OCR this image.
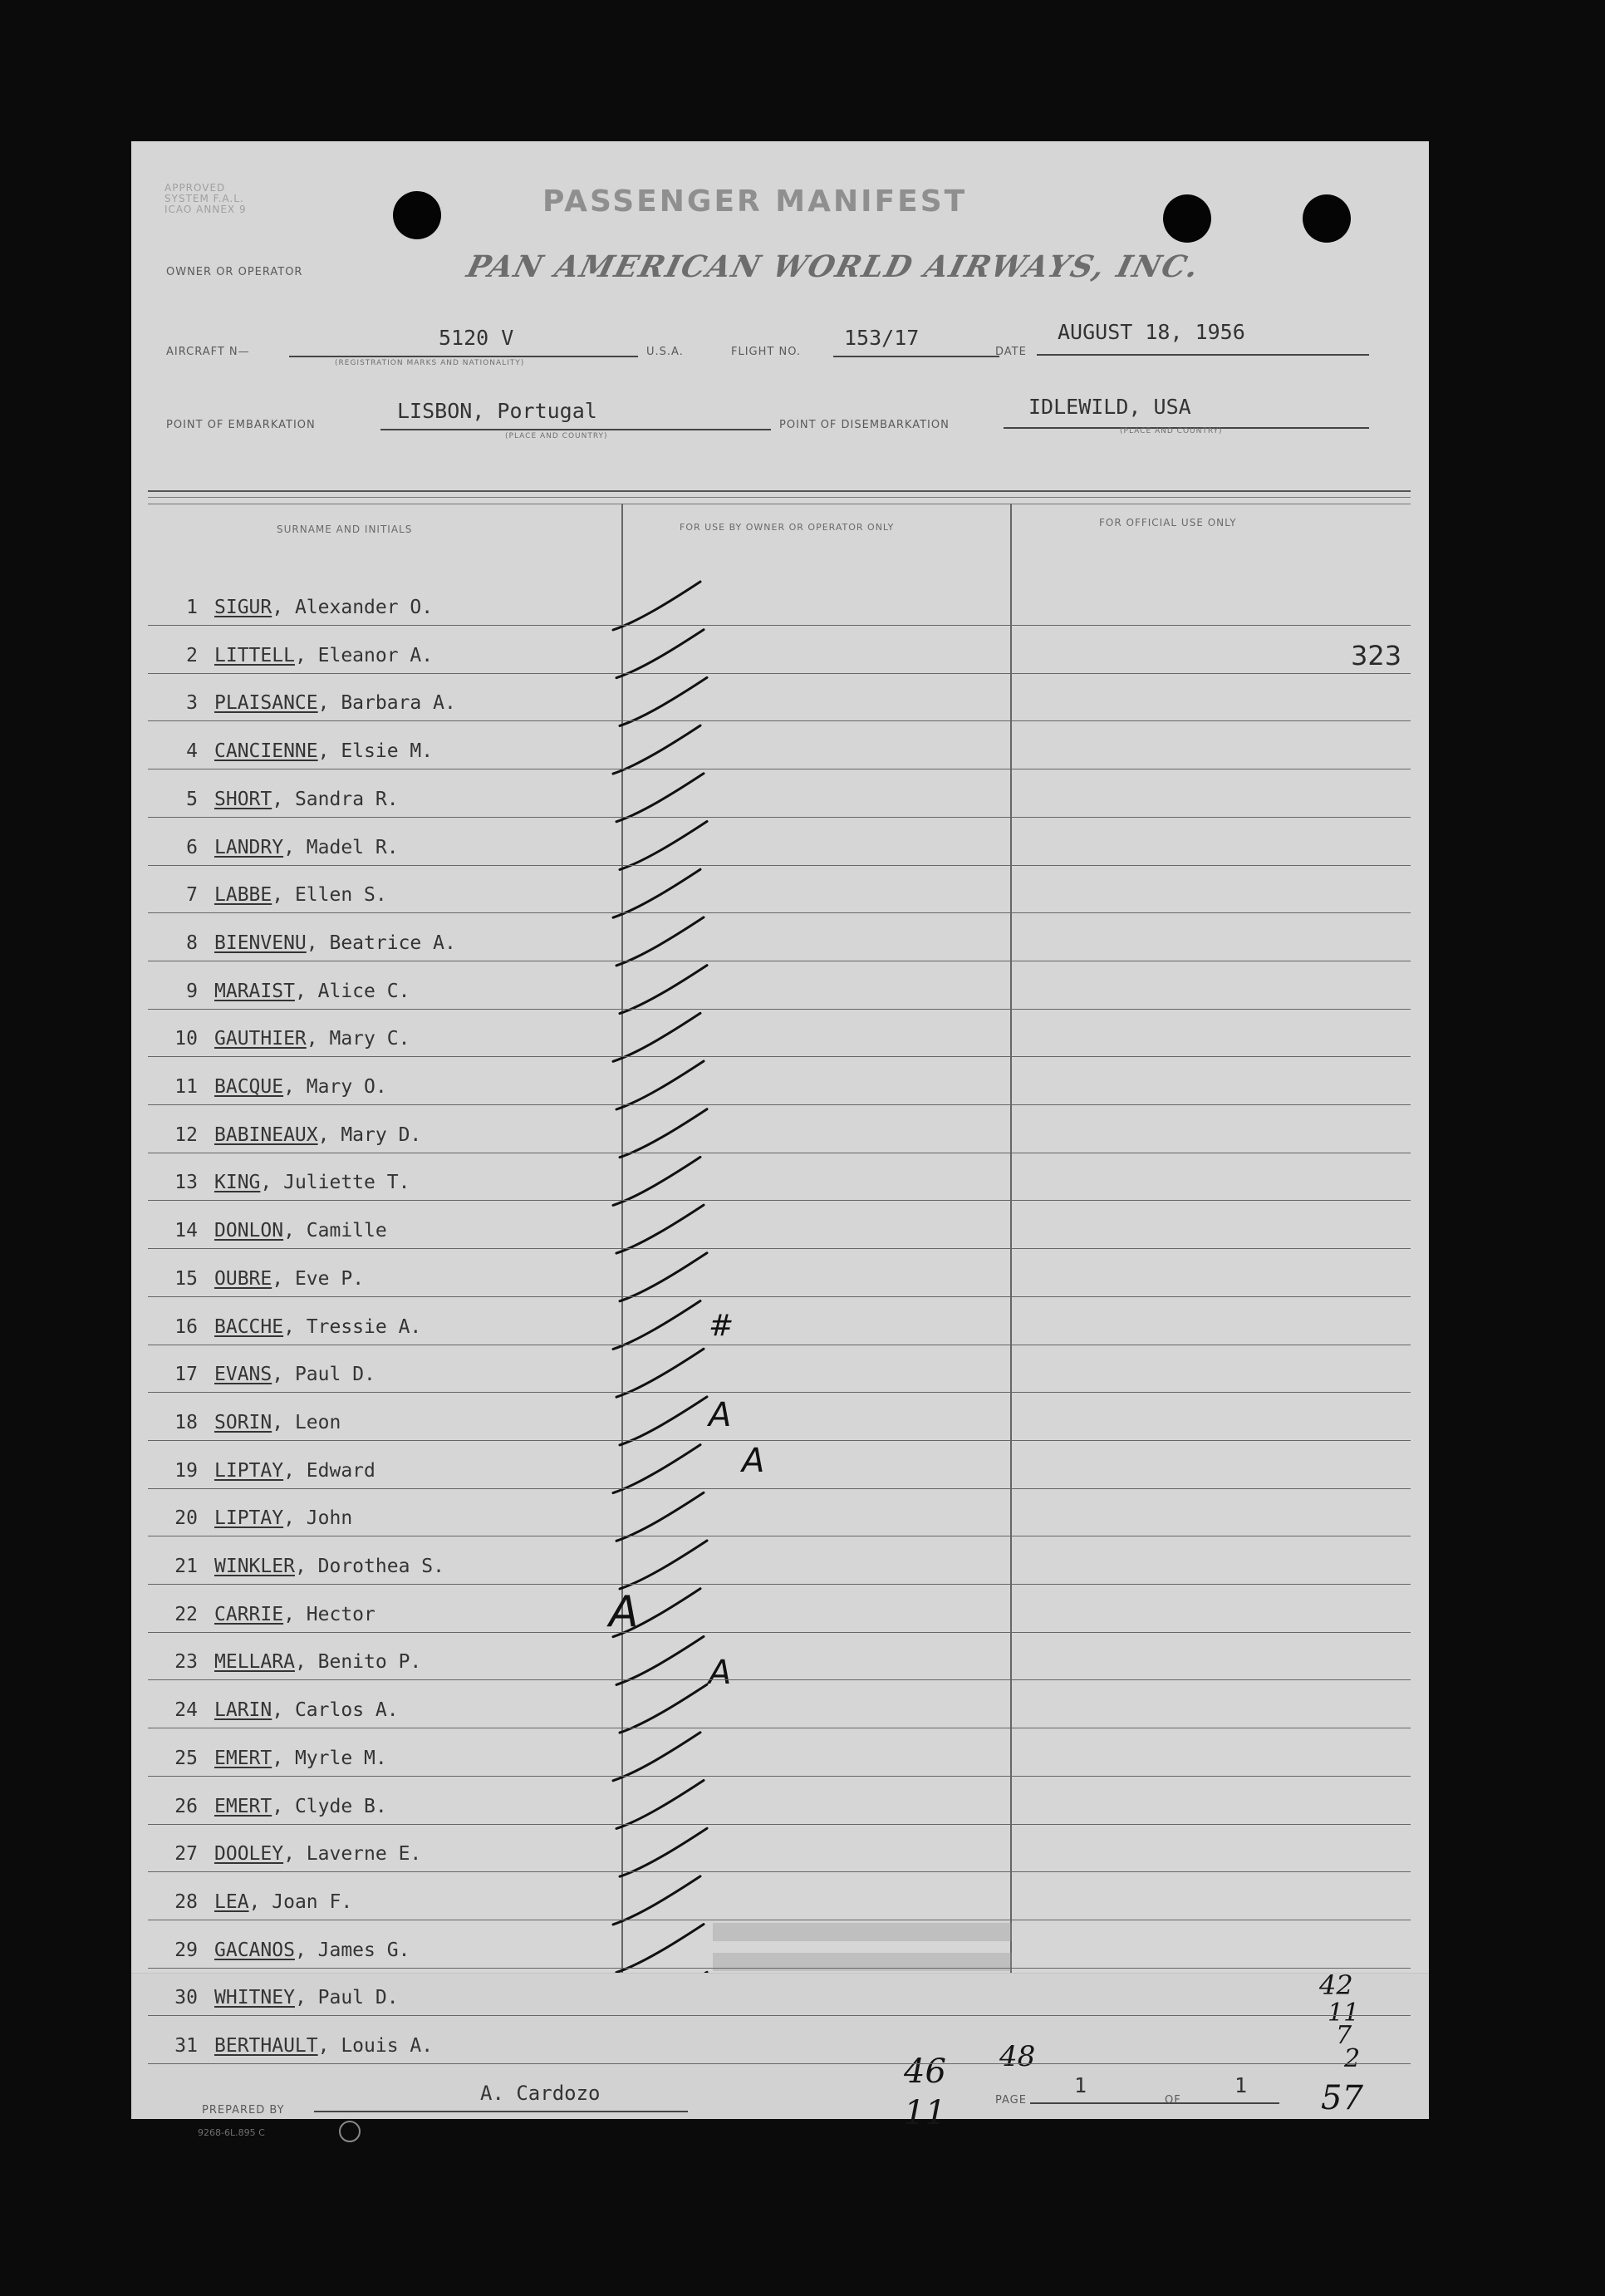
APPROVED
SYSTEM F.A.L.
ICAO ANNEX 9	PASSENGER MANIFEST
OWNER OR OPERATOR	PAN AMERICAN WORLD AIRWAYS, INC.
AIRCRAFT N—
5120 V
(REGISTRATION MARKS AND NATIONALITY)
U.S.A.	FLIGHT NO.
153/17
DATE
AUGUST 18, 1956
POINT OF EMBARKATION
LISBON, Portugal
(PLACE AND COUNTRY)
POINT OF DISEMBARKATION
IDLEWILD, USA
(PLACE AND COUNTRY)
SURNAME AND INITIALS	FOR USE BY OWNER OR OPERATOR ONLY	FOR OFFICIAL USE ONLY
323
#
A
A
A
A
PREPARED BY
A. Cardozo
9268-6L.895 C
46
11
48
PAGE
1
OF
1
42
11
7
2
57
1 SIGUR, Alexander O.
2 LITTELL, Eleanor A.
3 PLAISANCE, Barbara A.
4 CANCIENNE, Elsie M.
5 SHORT, Sandra R.
6 LANDRY, Madel R.
7 LABBE, Ellen S.
8 BIENVENU, Beatrice A.
9 MARAIST, Alice C.
10 GAUTHIER, Mary C.
11 BACQUE, Mary O.
12 BABINEAUX, Mary D.
13 KING, Juliette T.
14 DONLON, Camille
15 OUBRE, Eve P.
16 BACCHE, Tressie A.
17 EVANS, Paul D.
18 SORIN, Leon
19 LIPTAY, Edward
20 LIPTAY, John
21 WINKLER, Dorothea S.
22 CARRIE, Hector
23 MELLARA, Benito P.
24 LARIN, Carlos A.
25 EMERT, Myrle M.
26 EMERT, Clyde B.
27 DOOLEY, Laverne E.
28 LEA, Joan F.
29 GACANOS, James G.
30 WHITNEY, Paul D.
31 BERTHAULT, Louis A.
